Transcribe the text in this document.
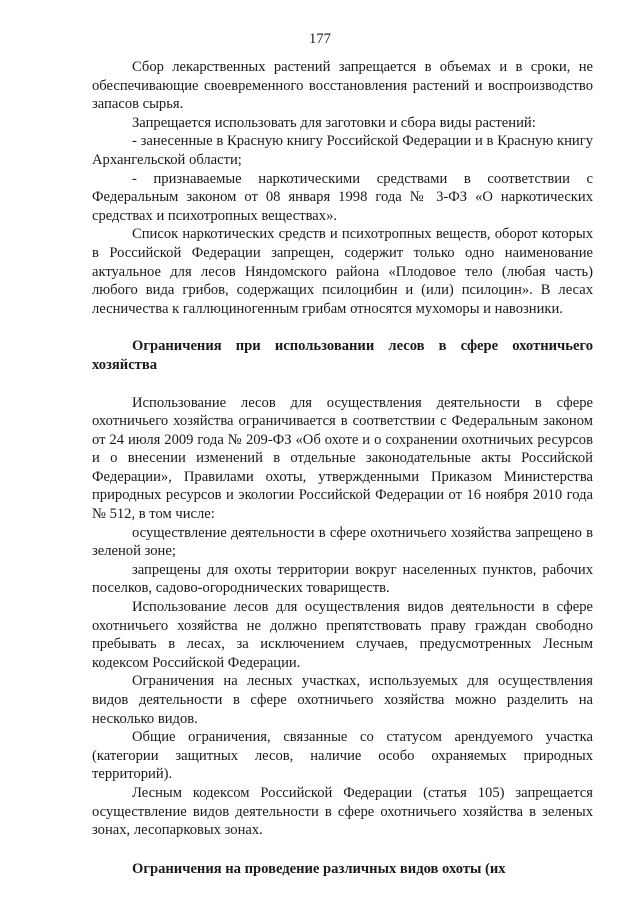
177

Сбор лекарственных растений запрещается в объемах и в сроки, не обеспечивающие своевременного восстановления растений и воспроизводство запасов сырья.

Запрещается использовать для заготовки и сбора виды растений:

- занесенные в Красную книгу Российской Федерации и в Красную книгу Архангельской области;

- признаваемые наркотическими средствами в соответствии с Федеральным законом от 08 января 1998 года № 3-ФЗ «О наркотических средствах и психотропных веществах».

Список наркотических средств и психотропных веществ, оборот которых в Российской Федерации запрещен, содержит только одно наименование актуальное для лесов Няндомского района «Плодовое тело (любая часть) любого вида грибов, содержащих псилоцибин и (или) псилоцин». В лесах лесничества к галлюциногенным грибам относятся мухоморы и навозники.

Ограничения при использовании лесов в сфере охотничьего хозяйства

Использование лесов для осуществления деятельности в сфере охотничьего хозяйства ограничивается в соответствии с Федеральным законом от 24 июля 2009 года № 209-ФЗ «Об охоте и о сохранении охотничьих ресурсов и о внесении изменений в отдельные законодательные акты Российской Федерации», Правилами охоты, утвержденными Приказом Министерства природных ресурсов и экологии Российской Федерации от 16 ноября 2010 года № 512, в том числе:

осуществление деятельности в сфере охотничьего хозяйства запрещено в зеленой зоне;

запрещены для охоты территории вокруг населенных пунктов, рабочих поселков, садово-огороднических товариществ.

Использование лесов для осуществления видов деятельности в сфере охотничьего хозяйства не должно препятствовать праву граждан свободно пребывать в лесах, за исключением случаев, предусмотренных Лесным кодексом Российской Федерации.

Ограничения на лесных участках, используемых для осуществления видов деятельности в сфере охотничьего хозяйства можно разделить на несколько видов.

Общие ограничения, связанные со статусом арендуемого участка (категории защитных лесов, наличие особо охраняемых природных территорий).

Лесным кодексом Российской Федерации (статья 105) запрещается осуществление видов деятельности в сфере охотничьего хозяйства в зеленых зонах, лесопарковых зонах.

Ограничения на проведение различных видов охоты (их
